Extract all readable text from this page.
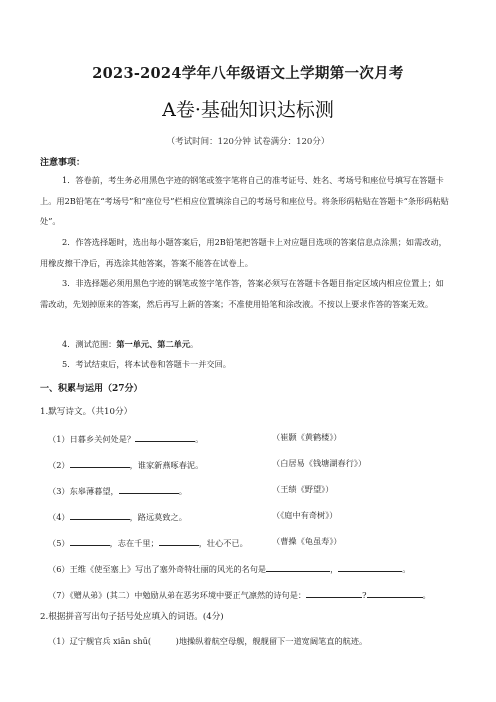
2023-2024学年八年级语文上学期第一次月考
A卷·基础知识达标测
（考试时间：120分钟 试卷满分：120分）
注意事项：
1．答卷前，考生务必用黑色字迹的钢笔或签字笔将自己的准考证号、姓名、考场号和座位号填写在答题卡上。用2B铅笔在“考场号”和“座位号”栏相应位置填涂自己的考场号和座位号。将条形码粘贴在答题卡“条形码粘贴处”。
2．作答选择题时，选出每小题答案后，用2B铅笔把答题卡上对应题目选项的答案信息点涂黑；如需改动，用橡皮擦干净后，再选涂其他答案，答案不能答在试卷上。
3．非选择题必须用黑色字迹的钢笔或签字笔作答，答案必须写在答题卡各题目指定区域内相应位置上；如需改动，先划掉原来的答案，然后再写上新的答案；不准使用铅笔和涂改液。不按以上要求作答的答案无效。
4．测试范围：第一单元、第二单元。
5．考试结束后，将本试卷和答题卡一并交回。
一、积累与运用（27分）
1.默写诗文。（共10分）
（1）日暮乡关何处是？	。	（崔颢《黄鹤楼》）
（2）	，谁家新燕啄春泥。	（白居易《钱塘湖春行》）
（3）东皋薄暮望，	。	（王绩《野望》）
（4）	，路远莫致之。	（《庭中有奇树》）
（5）	，志在千里；	，壮心不已。	（曹操《龟虽寿》）
（6）王维《使至塞上》写出了塞外奇特壮丽的风光的名句是	，	。
（7）《赠从弟》(其二）中勉励从弟在恶劣环境中要正气凛然的诗句是：	?	。
2.根据拼音写出句子括号处应填入的词语。(4分)
（1）辽宁舰官兵 xiān shū(　　　)地操纵着航空母舰，舰舰留下一道宽阔笔直的航迹。
